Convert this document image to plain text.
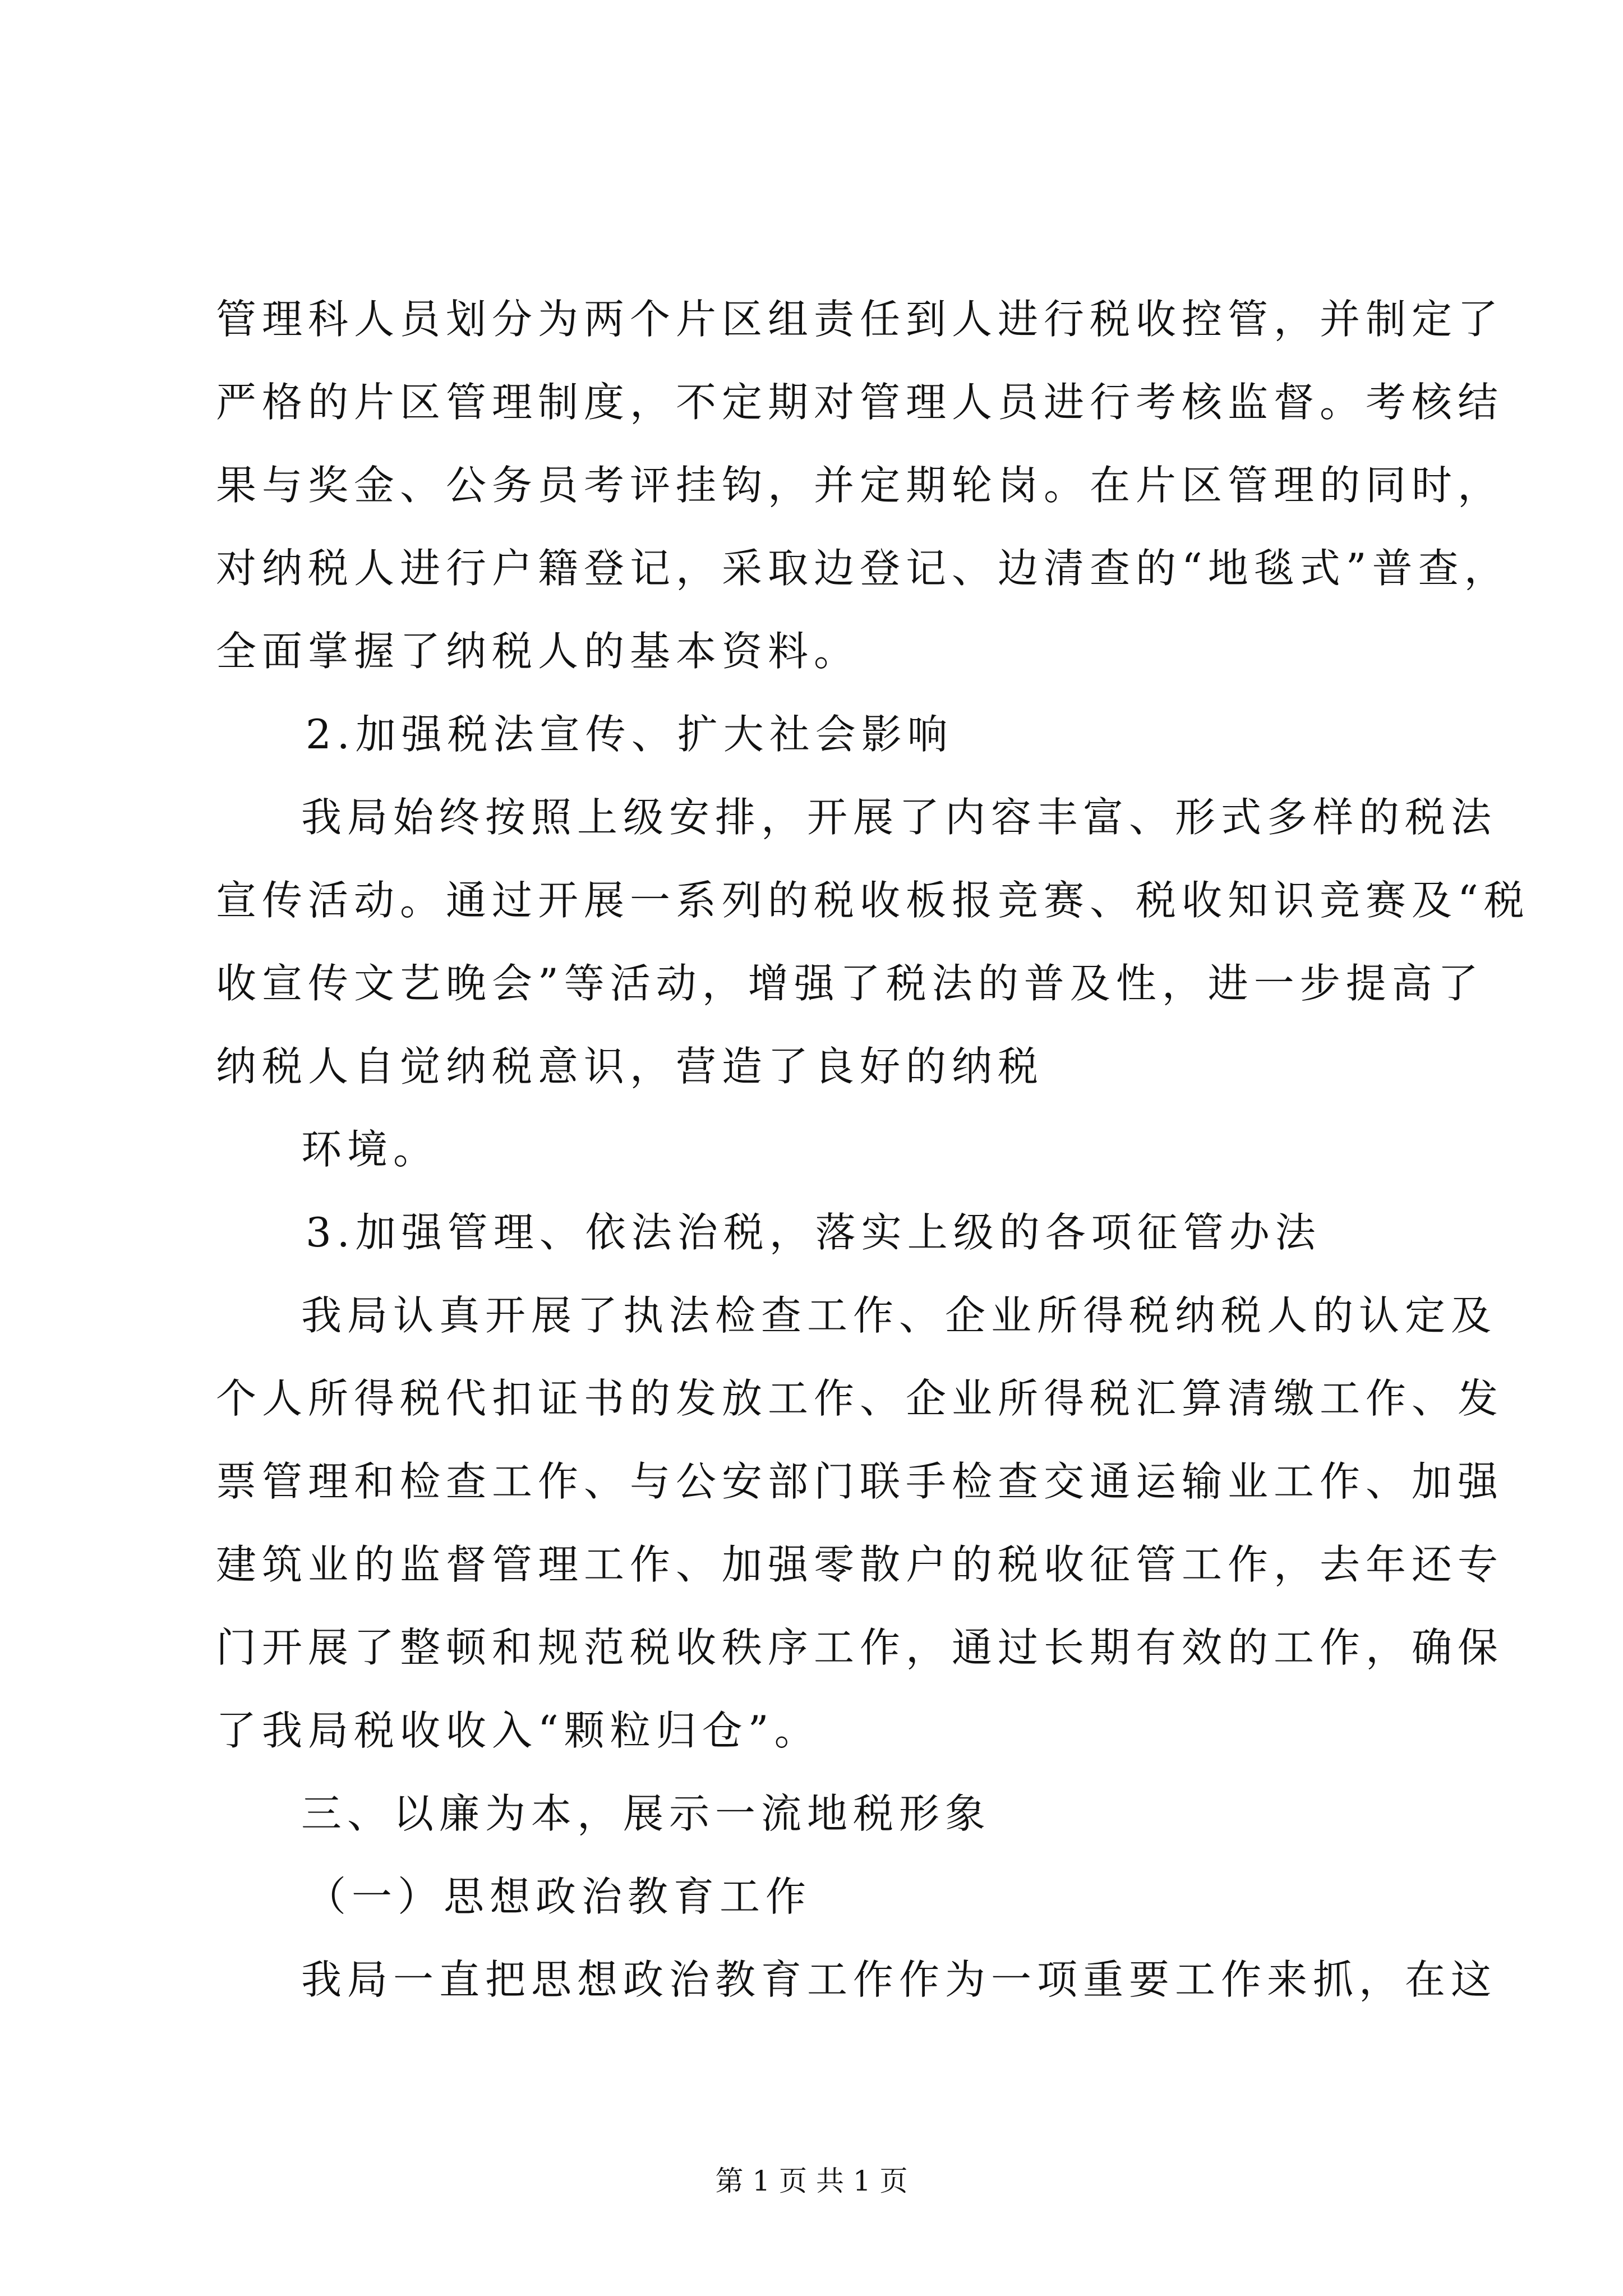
管理科人员划分为两个片区组责任到人进行税收控管，并制定了
严格的片区管理制度，不定期对管理人员进行考核监督。考核结
果与奖金、公务员考评挂钩，并定期轮岗。在片区管理的同时，
对纳税人进行户籍登记，采取边登记、边清查的“地毯式”普查，
全面掌握了纳税人的基本资料。
2.加强税法宣传、扩大社会影响
我局始终按照上级安排，开展了内容丰富、形式多样的税法
宣传活动。通过开展一系列的税收板报竞赛、税收知识竞赛及“税
收宣传文艺晚会”等活动，增强了税法的普及性，进一步提高了
纳税人自觉纳税意识，营造了良好的纳税
环境。
3.加强管理、依法治税，落实上级的各项征管办法
我局认真开展了执法检查工作、企业所得税纳税人的认定及
个人所得税代扣证书的发放工作、企业所得税汇算清缴工作、发
票管理和检查工作、与公安部门联手检查交通运输业工作、加强
建筑业的监督管理工作、加强零散户的税收征管工作，去年还专
门开展了整顿和规范税收秩序工作，通过长期有效的工作，确保
了我局税收收入“颗粒归仓”。
三、以廉为本，展示一流地税形象
（一）思想政治教育工作
我局一直把思想政治教育工作作为一项重要工作来抓，在这
第 1 页 共 1 页
